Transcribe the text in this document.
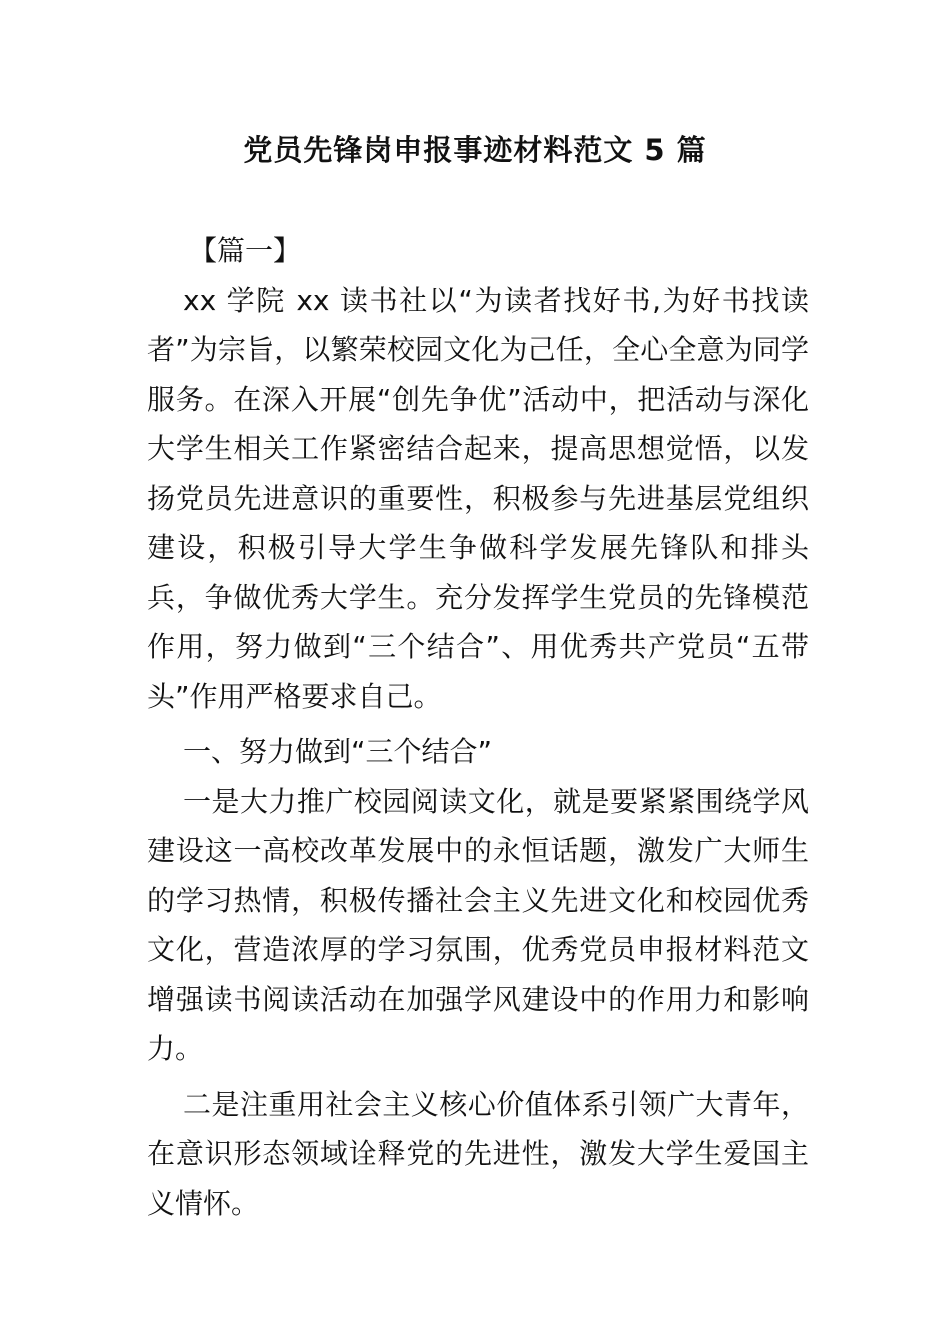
党员先锋岗申报事迹材料范文 5 篇

【篇一】

xx 学院 xx 读书社以“为读者找好书,为好书找读者”为宗旨，以繁荣校园文化为己任，全心全意为同学服务。在深入开展“创先争优”活动中，把活动与深化大学生相关工作紧密结合起来，提高思想觉悟，以发扬党员先进意识的重要性，积极参与先进基层党组织建设，积极引导大学生争做科学发展先锋队和排头兵，争做优秀大学生。充分发挥学生党员的先锋模范作用，努力做到“三个结合”、用优秀共产党员“五带头”作用严格要求自己。

一、努力做到“三个结合”

一是大力推广校园阅读文化，就是要紧紧围绕学风建设这一高校改革发展中的永恒话题，激发广大师生的学习热情，积极传播社会主义先进文化和校园优秀文化，营造浓厚的学习氛围，优秀党员申报材料范文增强读书阅读活动在加强学风建设中的作用力和影响力。

二是注重用社会主义核心价值体系引领广大青年，在意识形态领域诠释党的先进性，激发大学生爱国主义情怀。
